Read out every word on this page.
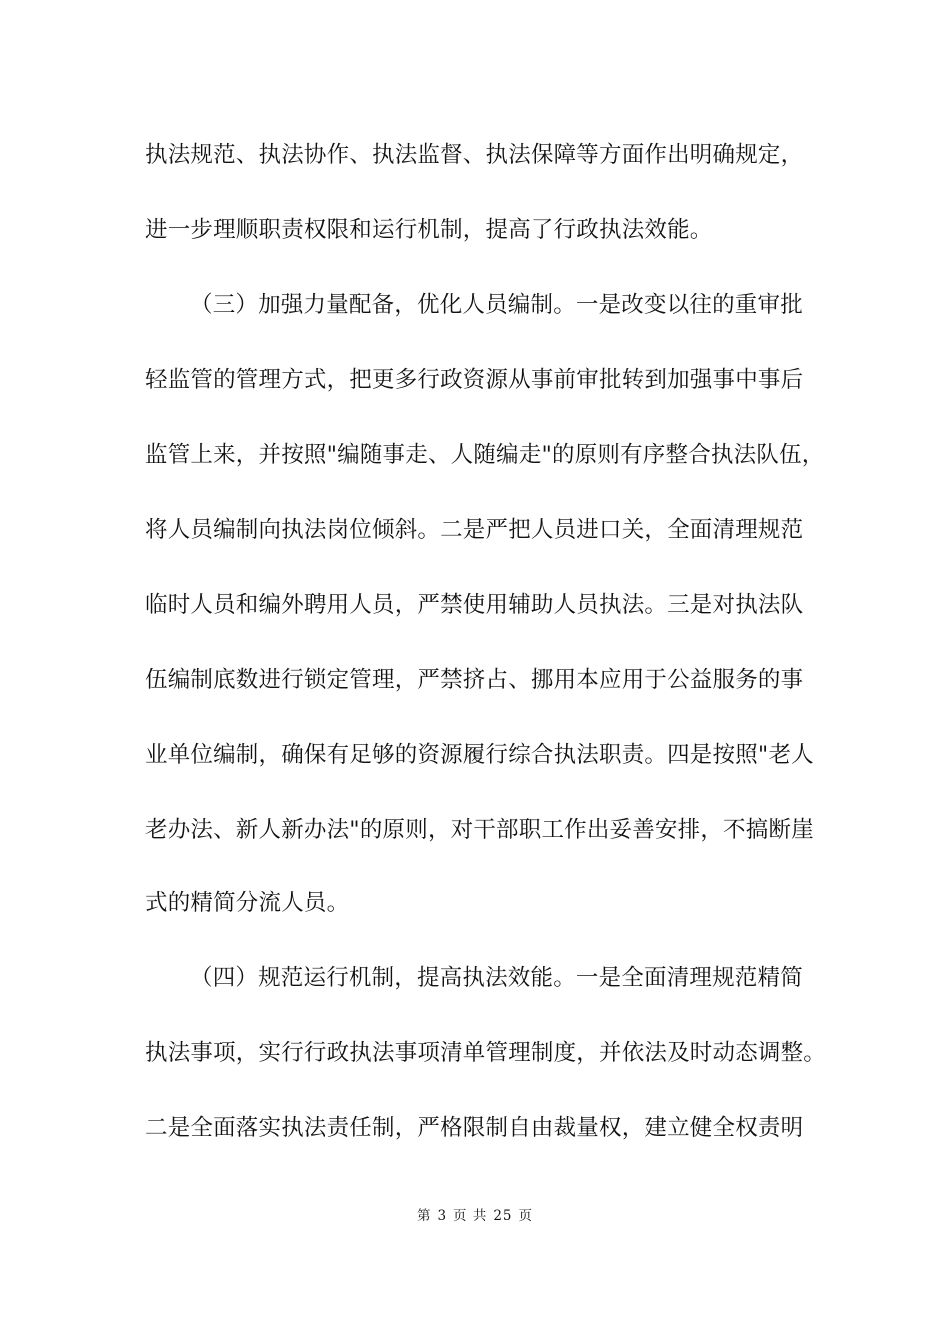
执法规范、执法协作、执法监督、执法保障等方面作出明确规定，
进一步理顺职责权限和运行机制，提高了行政执法效能。
（三）加强力量配备，优化人员编制。一是改变以往的重审批
轻监管的管理方式，把更多行政资源从事前审批转到加强事中事后
监管上来，并按照"编随事走、人随编走"的原则有序整合执法队伍，
将人员编制向执法岗位倾斜。二是严把人员进口关，全面清理规范
临时人员和编外聘用人员，严禁使用辅助人员执法。三是对执法队
伍编制底数进行锁定管理，严禁挤占、挪用本应用于公益服务的事
业单位编制，确保有足够的资源履行综合执法职责。四是按照"老人
老办法、新人新办法"的原则，对干部职工作出妥善安排，不搞断崖
式的精简分流人员。
（四）规范运行机制，提高执法效能。一是全面清理规范精简
执法事项，实行行政执法事项清单管理制度，并依法及时动态调整。
二是全面落实执法责任制，严格限制自由裁量权，建立健全权责明
第 3 页 共 25 页
